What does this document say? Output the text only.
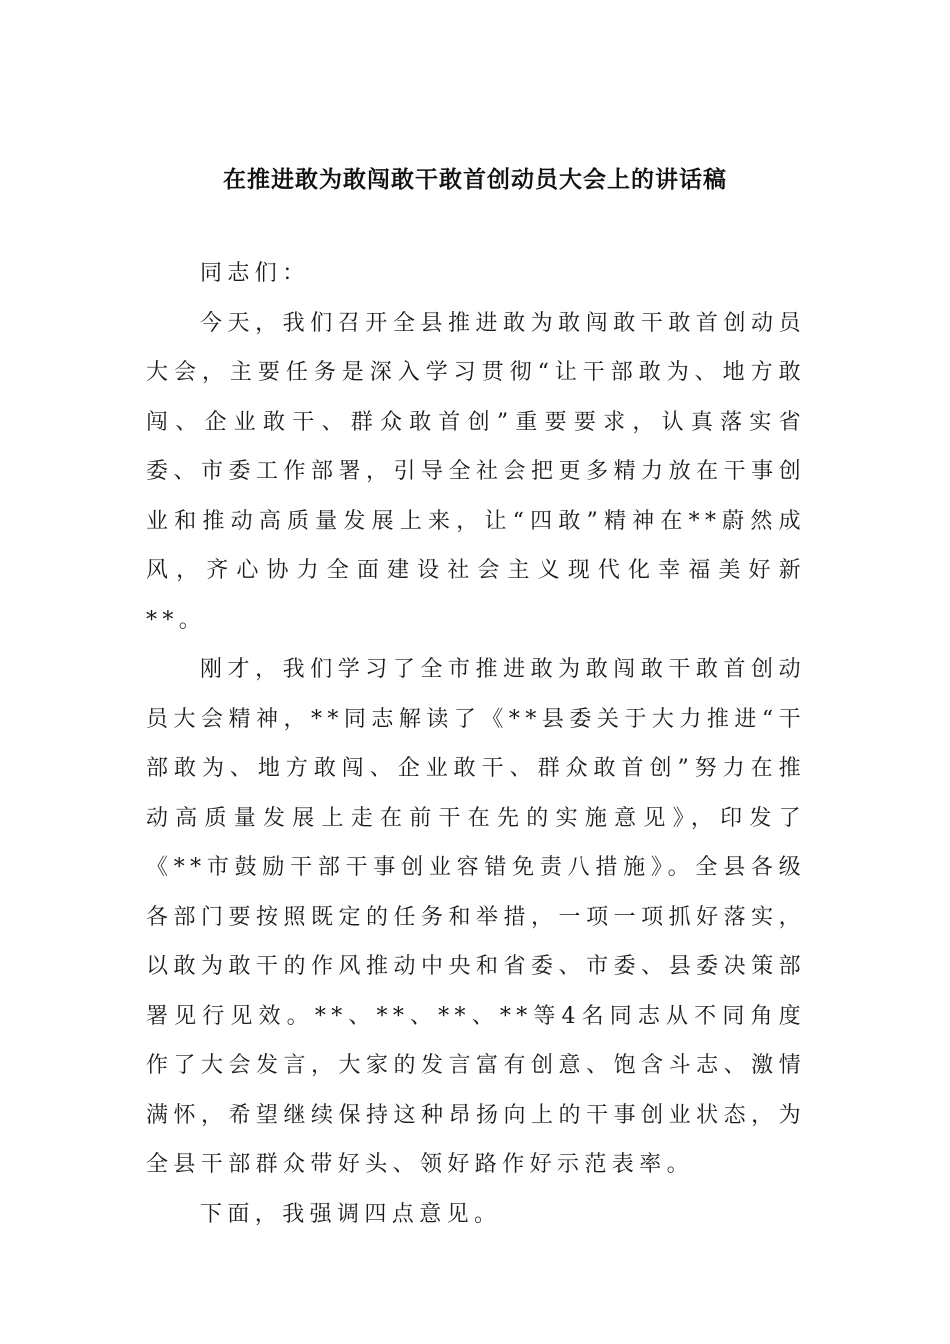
在推进敢为敢闯敢干敢首创动员大会上的讲话稿

同志们：

今天，我们召开全县推进敢为敢闯敢干敢首创动员大会，主要任务是深入学习贯彻“让干部敢为、地方敢闯、企业敢干、群众敢首创”重要要求，认真落实省委、市委工作部署，引导全社会把更多精力放在干事创业和推动高质量发展上来，让“四敢”精神在**蔚然成风，齐心协力全面建设社会主义现代化幸福美好新**。

刚才，我们学习了全市推进敢为敢闯敢干敢首创动员大会精神，**同志解读了《**县委关于大力推进“干部敢为、地方敢闯、企业敢干、群众敢首创”努力在推动高质量发展上走在前干在先的实施意见》，印发了《**市鼓励干部干事创业容错免责八措施》。全县各级各部门要按照既定的任务和举措，一项一项抓好落实，以敢为敢干的作风推动中央和省委、市委、县委决策部署见行见效。**、**、**、**等4名同志从不同角度作了大会发言，大家的发言富有创意、饱含斗志、激情满怀，希望继续保持这种昂扬向上的干事创业状态，为全县干部群众带好头、领好路作好示范表率。

下面，我强调四点意见。
